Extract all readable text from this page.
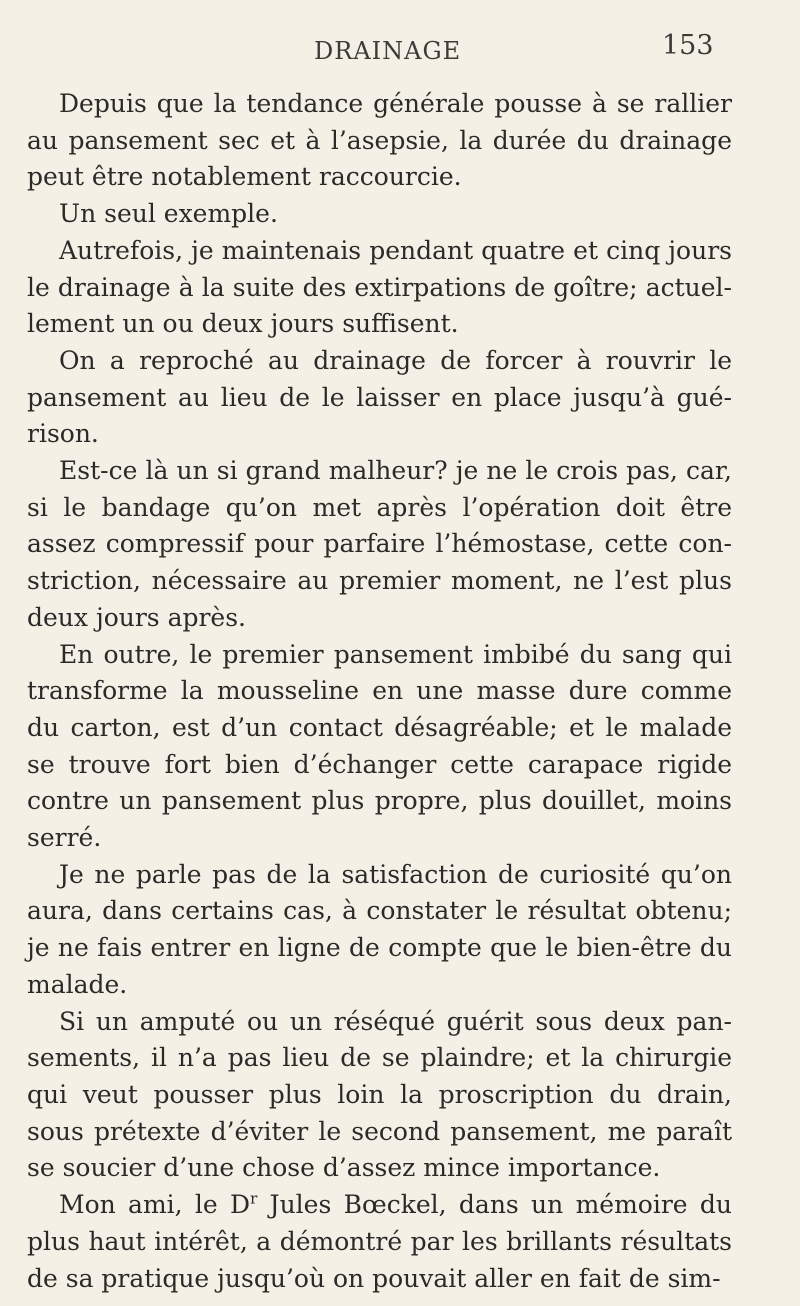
DRAINAGE	153

Depuis que la tendance générale pousse à se rallier au pansement sec et à l’asepsie, la durée du drainage peut être notablement raccourcie.

Un seul exemple.

Autrefois, je maintenais pendant quatre et cinq jours le drainage à la suite des extirpations de goître; actuel-lement un ou deux jours suffisent.

On a reproché au drainage de forcer à rouvrir le pansement au lieu de le laisser en place jusqu’à gué-rison.

Est-ce là un si grand malheur? je ne le crois pas, car, si le bandage qu’on met après l’opération doit être assez compressif pour parfaire l’hémostase, cette con-striction, nécessaire au premier moment, ne l’est plus deux jours après.

En outre, le premier pansement imbibé du sang qui transforme la mousseline en une masse dure comme du carton, est d’un contact désagréable; et le malade se trouve fort bien d’échanger cette carapace rigide contre un pansement plus propre, plus douillet, moins serré.

Je ne parle pas de la satisfaction de curiosité qu’on aura, dans certains cas, à constater le résultat obtenu; je ne fais entrer en ligne de compte que le bien-être du malade.

Si un amputé ou un réséqué guérit sous deux pan-sements, il n’a pas lieu de se plaindre; et la chirurgie qui veut pousser plus loin la proscription du drain, sous prétexte d’éviter le second pansement, me paraît se soucier d’une chose d’assez mince importance.

Mon ami, le $D^r$ Jules Bœckel, dans un mémoire du plus haut intérêt, a démontré par les brillants résultats de sa pratique jusqu’où on pouvait aller en fait de sim-
